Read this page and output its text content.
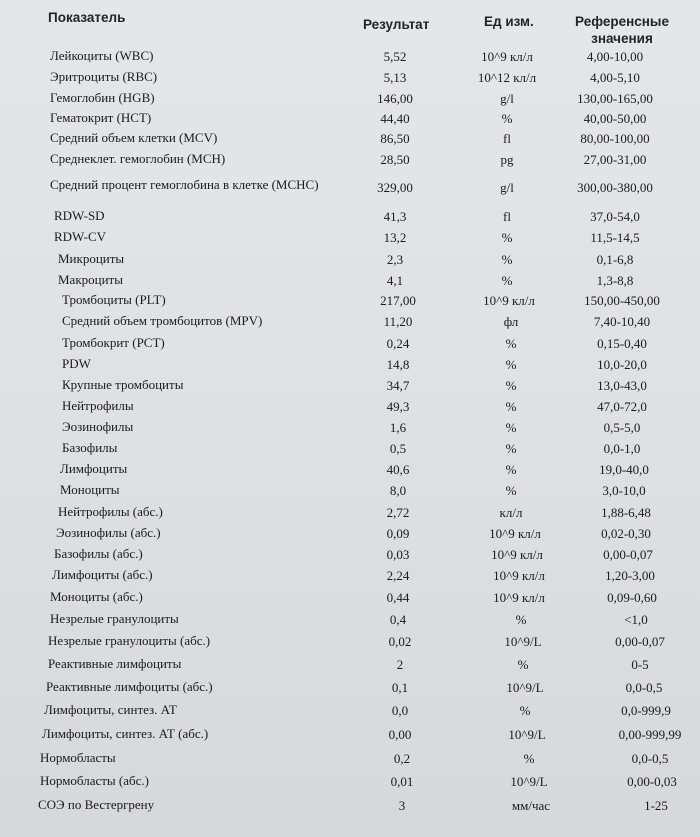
Показатель	Результат	Ед изм.	Референсные значения
Лейкоциты (WBC)	5,52	10^9 кл/л	4,00-10,00
Эритроциты (RBC)	5,13	10^12 кл/л	4,00-5,10
Гемоглобин (HGB)	146,00	g/l	130,00-165,00
Гематокрит (HCT)	44,40	%	40,00-50,00
Средний объем клетки (MCV)	86,50	fl	80,00-100,00
Среднеклет. гемоглобин (MCH)	28,50	pg	27,00-31,00
Средний процент гемоглобина в клетке (MCHC)	329,00	g/l	300,00-380,00
RDW-SD	41,3	fl	37,0-54,0
RDW-CV	13,2	%	11,5-14,5
Микроциты	2,3	%	0,1-6,8
Макроциты	4,1	%	1,3-8,8
Тромбоциты (PLT)	217,00	10^9 кл/л	150,00-450,00
Средний объем тромбоцитов (MPV)	11,20	фл	7,40-10,40
Тромбокрит (PCT)	0,24	%	0,15-0,40
PDW	14,8	%	10,0-20,0
Крупные тромбоциты	34,7	%	13,0-43,0
Нейтрофилы	49,3	%	47,0-72,0
Эозинофилы	1,6	%	0,5-5,0
Базофилы	0,5	%	0,0-1,0
Лимфоциты	40,6	%	19,0-40,0
Моноциты	8,0	%	3,0-10,0
Нейтрофилы (абс.)	2,72	кл/л	1,88-6,48
Эозинофилы (абс.)	0,09	10^9 кл/л	0,02-0,30
Базофилы (абс.)	0,03	10^9 кл/л	0,00-0,07
Лимфоциты (абс.)	2,24	10^9 кл/л	1,20-3,00
Моноциты (абс.)	0,44	10^9 кл/л	0,09-0,60
Незрелые гранулоциты	0,4	%	<1,0
Незрелые гранулоциты (абс.)	0,02	10^9/L	0,00-0,07
Реактивные лимфоциты	2	%	0-5
Реактивные лимфоциты (абс.)	0,1	10^9/L	0,0-0,5
Лимфоциты, синтез. АТ	0,0	%	0,0-999,9
Лимфоциты, синтез. АТ (абс.)	0,00	10^9/L	0,00-999,99
Нормобласты	0,2	%	0,0-0,5
Нормобласты (абс.)	0,01	10^9/L	0,00-0,03
СОЭ по Вестергрену	3	мм/час	1-25
